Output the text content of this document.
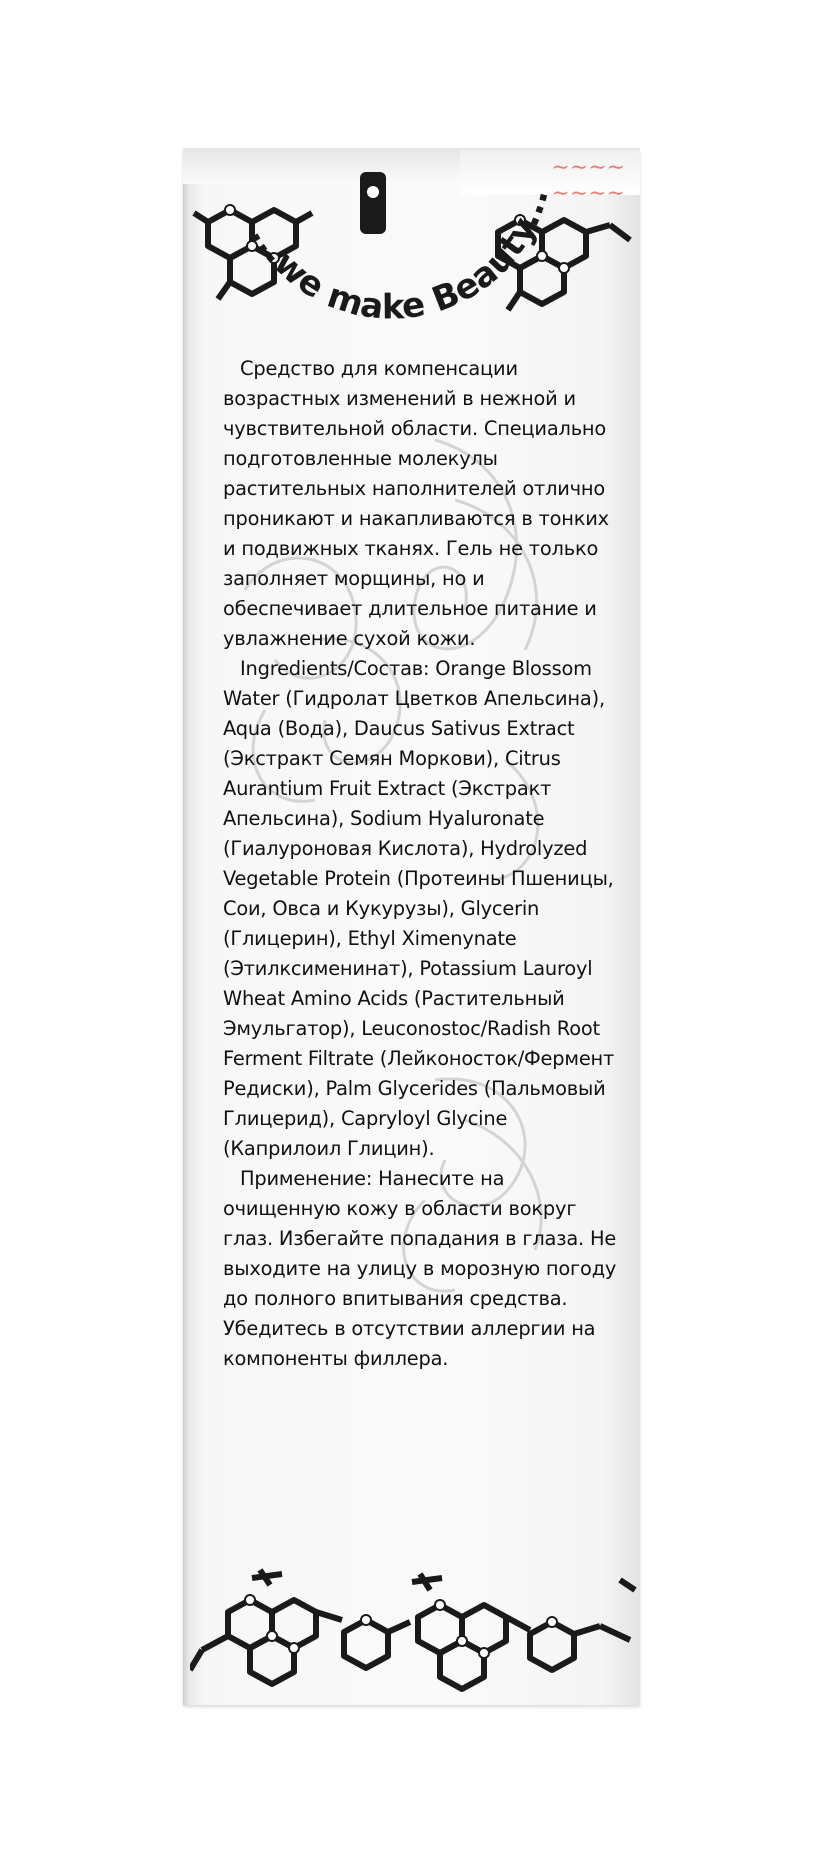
...we make Beauty...
~~~~
~~~~

Средство для компенсации возрастных изменений в нежной и чувствительной области. Специально подготовленные молекулы растительных наполнителей отлично проникают и накапливаются в тонких и подвижных тканях. Гель не только заполняет морщины, но и обеспечивает длительное питание и увлажнение сухой кожи.

Ingredients/Состав: Orange Blossom Water (Гидролат Цветков Апельсина), Aqua (Вода), Daucus Sativus Extract (Экстракт Семян Моркови), Citrus Aurantium Fruit Extract (Экстракт Апельсина), Sodium Hyaluronate (Гиалуроновая Кислота), Hydrolyzed Vegetable Protein (Протеины Пшеницы, Сои, Овса и Кукурузы), Glycerin (Глицерин), Ethyl Ximenynate (Этилксименинат), Potassium Lauroyl Wheat Amino Acids (Растительный Эмульгатор), Leuconostoc/Radish Root Ferment Filtrate (Лейконосток/Фермент Редиски), Palm Glycerides (Пальмовый Глицерид), Capryloyl Glycine (Каприлоил Глицин).

Применение: Нанесите на очищенную кожу в области вокруг глаз. Избегайте попадания в глаза. Не выходите на улицу в морозную погоду до полного впитывания средства. Убедитесь в отсутствии аллергии на компоненты филлера.
